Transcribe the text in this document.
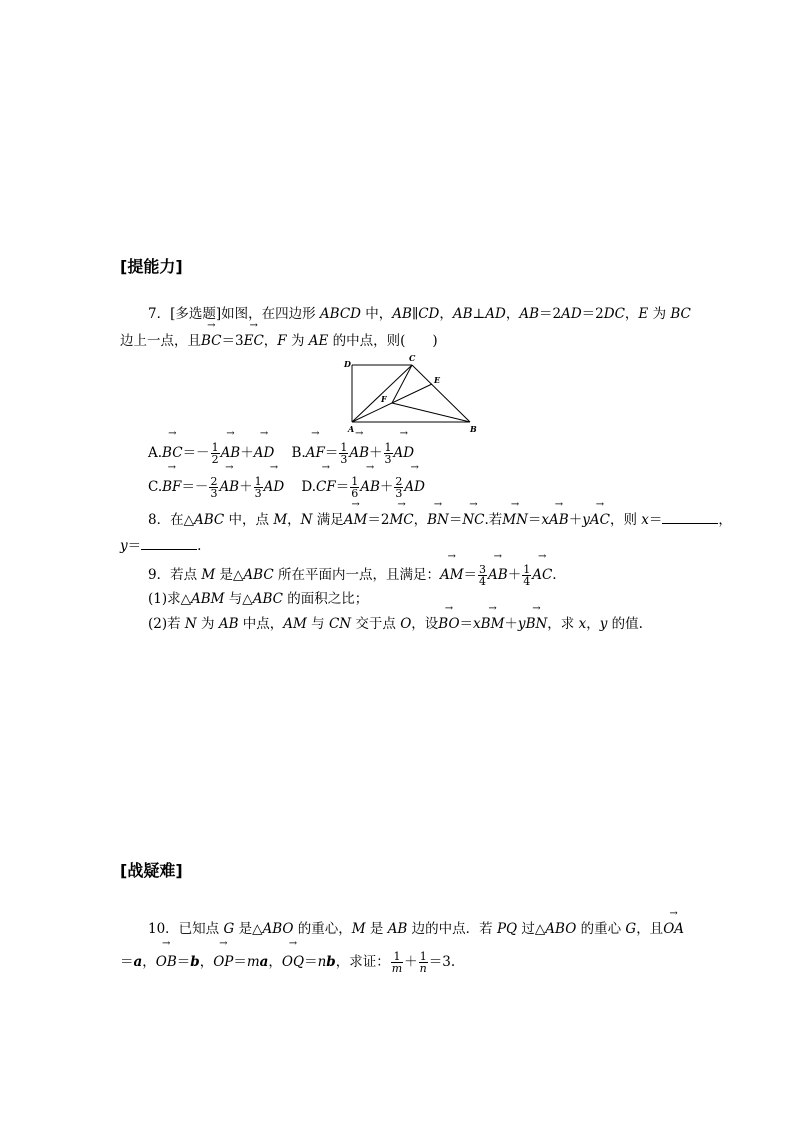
[提能力]
7．[多选题]如图，在四边形 ABCD 中，AB∥CD，AB⊥AD，AB＝2AD＝2DC，E 为 BC
边上一点，且→ BC＝3→ EC，F 为 AE 的中点，则(　　)
D
C
E
F
A	B
$A.\to BC=- \frac{1}{2}$
→ AB＋→ AD $B.\to AF= \frac{1}{3}$
→ $AB+ \frac{1}{3}$
→ AD
$C.\to BF=- \frac{2}{3}$
→ $AB+ \frac{1}{3}$
→ AD $D.\to CF= \frac{1}{6}$
→ $AB+ \frac{2}{3}$
→ AD
8．在△ABC 中，点 M，N 满足→ AM＝2→ MC，→ BN＝→ NC.若→ MN＝x→ AB＋y→ AC，则 x＝	，
y＝	.
9．若点 M 是△ABC 所在平面内一点，且满足：→ $AM= \frac{3}{4}$
→ $AB+ \frac{1}{4}$
→ AC.
(1)求△ABM 与△ABC 的面积之比；
(2)若 N 为 AB 中点，AM 与 CN 交于点 O，设→ BO＝x→ BM＋y→ BN，求 x，y 的值.
[战疑难]
10．已知点 G 是△ABO 的重心，M 是 AB 边的中点．若 PQ 过△ABO 的重心 G，且→ OA
＝a，→ OB＝b，→ OP＝ma，→ OQ＝nb，求证： $\frac{1}{m} + \frac{1}{n} =3$.
